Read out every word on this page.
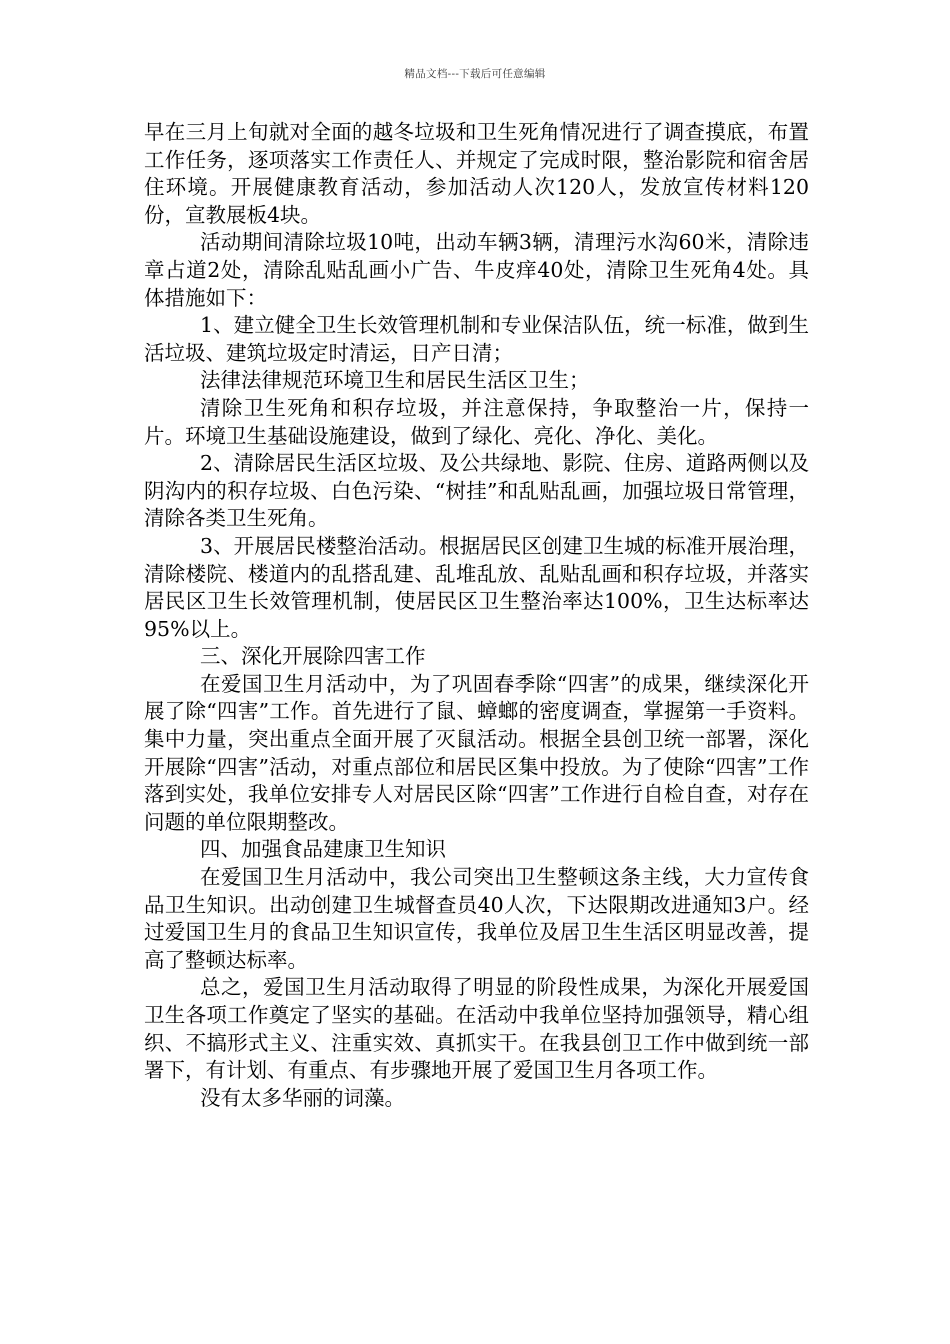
精品文档---下载后可任意编辑

早在三月上旬就对全面的越冬垃圾和卫生死角情况进行了调查摸底，布置工作任务，逐项落实工作责任人、并规定了完成时限，整治影院和宿舍居住环境。开展健康教育活动，参加活动人次120人，发放宣传材料120份，宣教展板4块。

活动期间清除垃圾10吨，出动车辆3辆，清理污水沟60米，清除违章占道2处，清除乱贴乱画小广告、牛皮痒40处，清除卫生死角4处。具体措施如下：

1、建立健全卫生长效管理机制和专业保洁队伍，统一标准，做到生活垃圾、建筑垃圾定时清运，日产日清；

法律法律规范环境卫生和居民生活区卫生；

清除卫生死角和积存垃圾，并注意保持，争取整治一片，保持一片。环境卫生基础设施建设，做到了绿化、亮化、净化、美化。

2、清除居民生活区垃圾、及公共绿地、影院、住房、道路两侧以及阴沟内的积存垃圾、白色污染、“树挂”和乱贴乱画，加强垃圾日常管理，清除各类卫生死角。

3、开展居民楼整治活动。根据居民区创建卫生城的标准开展治理，清除楼院、楼道内的乱搭乱建、乱堆乱放、乱贴乱画和积存垃圾，并落实居民区卫生长效管理机制，使居民区卫生整治率达100%，卫生达标率达95%以上。

三、深化开展除四害工作

在爱国卫生月活动中，为了巩固春季除“四害”的成果，继续深化开展了除“四害”工作。首先进行了鼠、蟑螂的密度调查，掌握第一手资料。集中力量，突出重点全面开展了灭鼠活动。根据全县创卫统一部署，深化开展除“四害”活动，对重点部位和居民区集中投放。为了使除“四害”工作落到实处，我单位安排专人对居民区除“四害”工作进行自检自查，对存在问题的单位限期整改。

四、加强食品建康卫生知识

在爱国卫生月活动中，我公司突出卫生整顿这条主线，大力宣传食品卫生知识。出动创建卫生城督查员40人次，下达限期改进通知3户。经过爱国卫生月的食品卫生知识宣传，我单位及居卫生生活区明显改善，提高了整顿达标率。

总之，爱国卫生月活动取得了明显的阶段性成果，为深化开展爱国卫生各项工作奠定了坚实的基础。在活动中我单位坚持加强领导，精心组织、不搞形式主义、注重实效、真抓实干。在我县创卫工作中做到统一部署下，有计划、有重点、有步骤地开展了爱国卫生月各项工作。

没有太多华丽的词藻。
